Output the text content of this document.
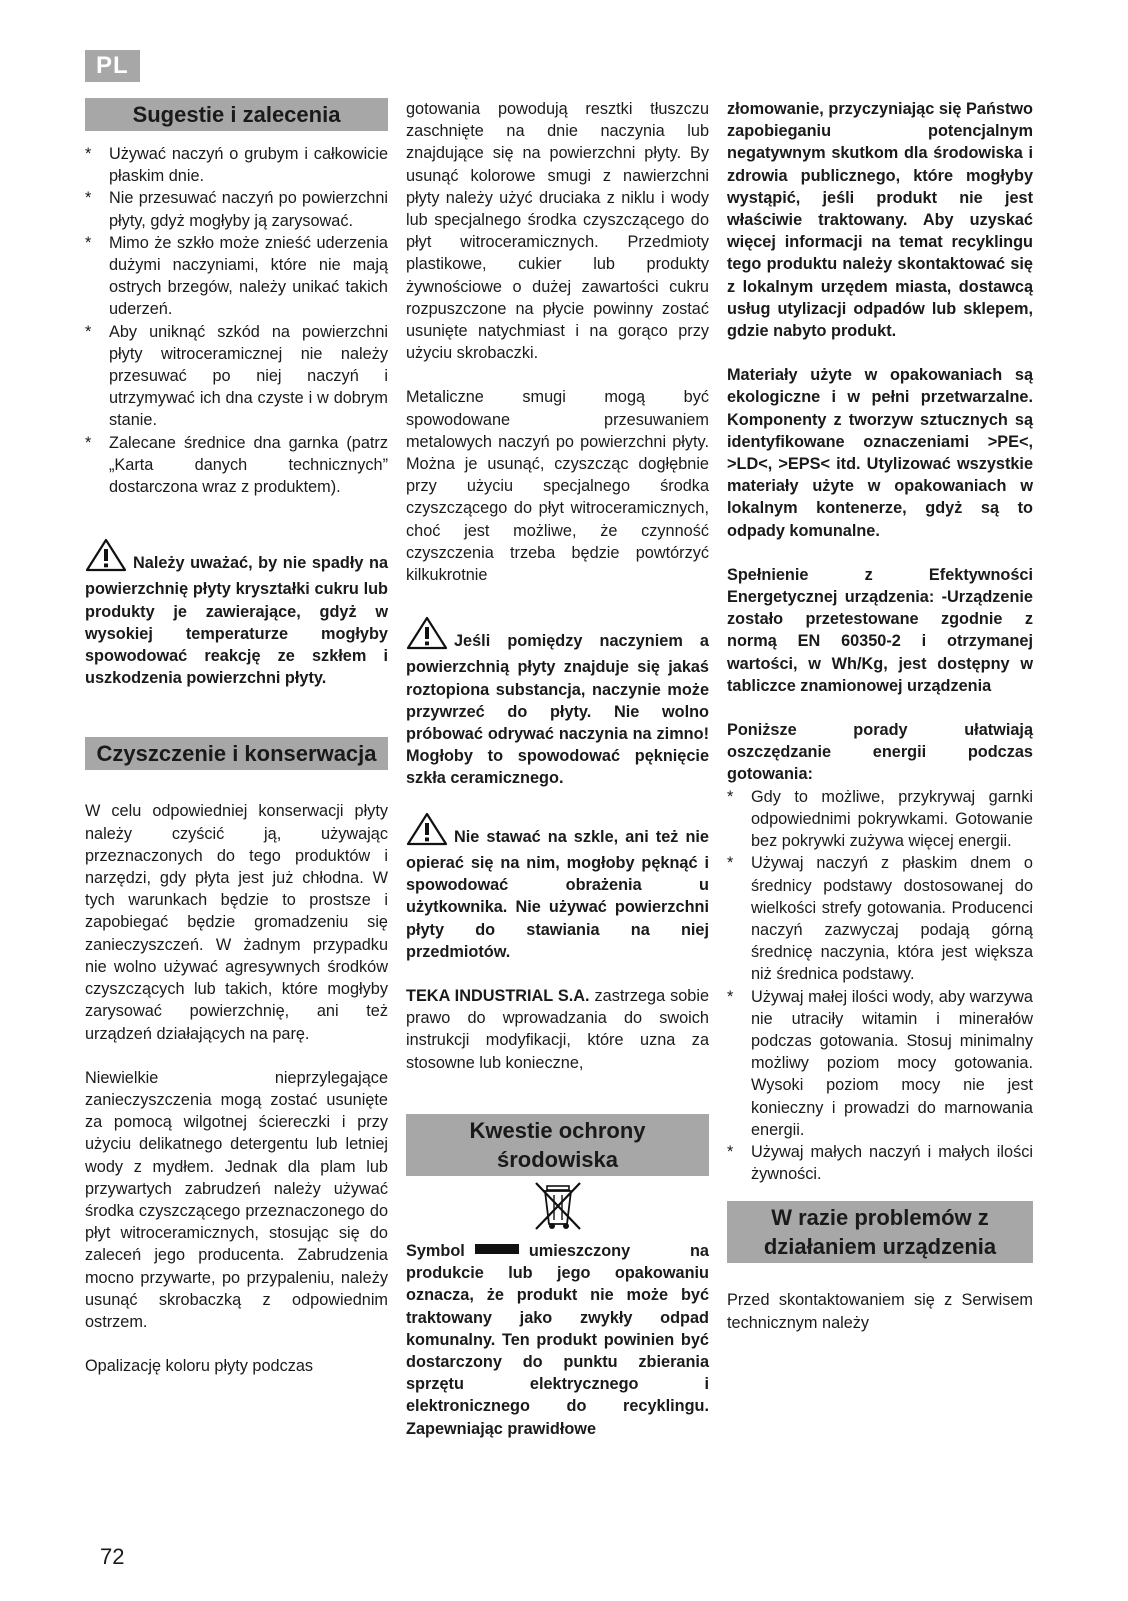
PL
Sugestie i zalecenia
* Używać naczyń o grubym i całkowicie płaskim dnie.
* Nie przesuwać naczyń po powierzchni płyty, gdyż mogłyby ją zarysować.
* Mimo że szkło może znieść uderzenia dużymi naczyniami, które nie mają ostrych brzegów, należy unikać takich uderzeń.
* Aby uniknąć szkód na powierzchni płyty witroceramicznej nie należy przesuwać po niej naczyń i utrzymywać ich dna czyste i w dobrym stanie.
* Zalecane średnice dna garnka (patrz „Karta danych technicznych” dostarczona wraz z produktem).

Należy uważać, by nie spadły na powierzchnię płyty kryształki cukru lub produkty je zawierające, gdyż w wysokiej temperaturze mogłyby spowodować reakcję ze szkłem i uszkodzenia powierzchni płyty.

Czyszczenie i konserwacja

W celu odpowiedniej konserwacji płyty należy czyścić ją, używając przeznaczonych do tego produktów i narzędzi, gdy płyta jest już chłodna. W tych warunkach będzie to prostsze i zapobiegać będzie gromadzeniu się zanieczyszczeń. W żadnym przypadku nie wolno używać agresywnych środków czyszczących lub takich, które mogłyby zarysować powierzchnię, ani też urządzeń działających na parę.

Niewielkie nieprzylegające zanieczyszczenia mogą zostać usunięte za pomocą wilgotnej ściereczki i przy użyciu delikatnego detergentu lub letniej wody z mydłem. Jednak dla plam lub przywartych zabrudzeń należy używać środka czyszczącego przeznaczonego do płyt witroceramicznych, stosując się do zaleceń jego producenta. Zabrudzenia mocno przywarte, po przypaleniu, należy usunąć skrobaczką z odpowiednim ostrzem.

Opalizację koloru płyty podczas

gotowania powodują resztki tłuszczu zaschnięte na dnie naczynia lub znajdujące się na powierzchni płyty. By usunąć kolorowe smugi z nawierzchni płyty należy użyć druciaka z niklu i wody lub specjalnego środka czyszczącego do płyt witroceramicznych. Przedmioty plastikowe, cukier lub produkty żywnościowe o dużej zawartości cukru rozpuszczone na płycie powinny zostać usunięte natychmiast i na gorąco przy użyciu skrobaczki.

Metaliczne smugi mogą być spowodowane przesuwaniem metalowych naczyń po powierzchni płyty. Można je usunąć, czyszcząc dogłębnie przy użyciu specjalnego środka czyszczącego do płyt witroceramicznych, choć jest możliwe, że czynność czyszczenia trzeba będzie powtórzyć kilkukrotnie

Jeśli pomiędzy naczyniem a powierzchnią płyty znajduje się jakaś roztopiona substancja, naczynie może przywrzeć do płyty. Nie wolno próbować odrywać naczynia na zimno! Mogłoby to spowodować pęknięcie szkła ceramicznego.

Nie stawać na szkle, ani też nie opierać się na nim, mogłoby pęknąć i spowodować obrażenia u użytkownika. Nie używać powierzchni płyty do stawiania na niej przedmiotów.

TEKA INDUSTRIAL S.A. zastrzega sobie prawo do wprowadzania do swoich instrukcji modyfikacji, które uzna za stosowne lub konieczne,

Kwestie ochrony środowiska

Symbol	umieszczony na produkcie lub jego opakowaniu oznacza, że produkt nie może być traktowany jako zwykły odpad komunalny. Ten produkt powinien być dostarczony do punktu zbierania sprzętu elektrycznego i elektronicznego do recyklingu. Zapewniając prawidłowe

złomowanie, przyczyniając się Państwo zapobieganiu potencjalnym negatywnym skutkom dla środowiska i zdrowia publicznego, które mogłyby wystąpić, jeśli produkt nie jest właściwie traktowany. Aby uzyskać więcej informacji na temat recyklingu tego produktu należy skontaktować się z lokalnym urzędem miasta, dostawcą usług utylizacji odpadów lub sklepem, gdzie nabyto produkt.

Materiały użyte w opakowaniach są ekologiczne i w pełni przetwarzalne. Komponenty z tworzyw sztucznych są identyfikowane oznaczeniami >PE<, >LD<, >EPS< itd. Utylizować wszystkie materiały użyte w opakowaniach w lokalnym kontenerze, gdyż są to odpady komunalne.

Spełnienie z Efektywności Energetycznej urządzenia: -Urządzenie zostało przetestowane zgodnie z normą EN 60350-2 i otrzymanej wartości, w Wh/Kg, jest dostępny w tabliczce znamionowej urządzenia

Poniższe porady ułatwiają oszczędzanie energii podczas gotowania:

* Gdy to możliwe, przykrywaj garnki odpowiednimi pokrywkami. Gotowanie bez pokrywki zużywa więcej energii.
* Używaj naczyń z płaskim dnem o średnicy podstawy dostosowanej do wielkości strefy gotowania. Producenci naczyń zazwyczaj podają górną średnicę naczynia, która jest większa niż średnica podstawy.
* Używaj małej ilości wody, aby warzywa nie utraciły witamin i minerałów podczas gotowania. Stosuj minimalny możliwy poziom mocy gotowania. Wysoki poziom mocy nie jest konieczny i prowadzi do marnowania energii.
* Używaj małych naczyń i małych ilości żywności.
W razie problemów z działaniem urządzenia

Przed skontaktowaniem się z Serwisem technicznym należy

72
